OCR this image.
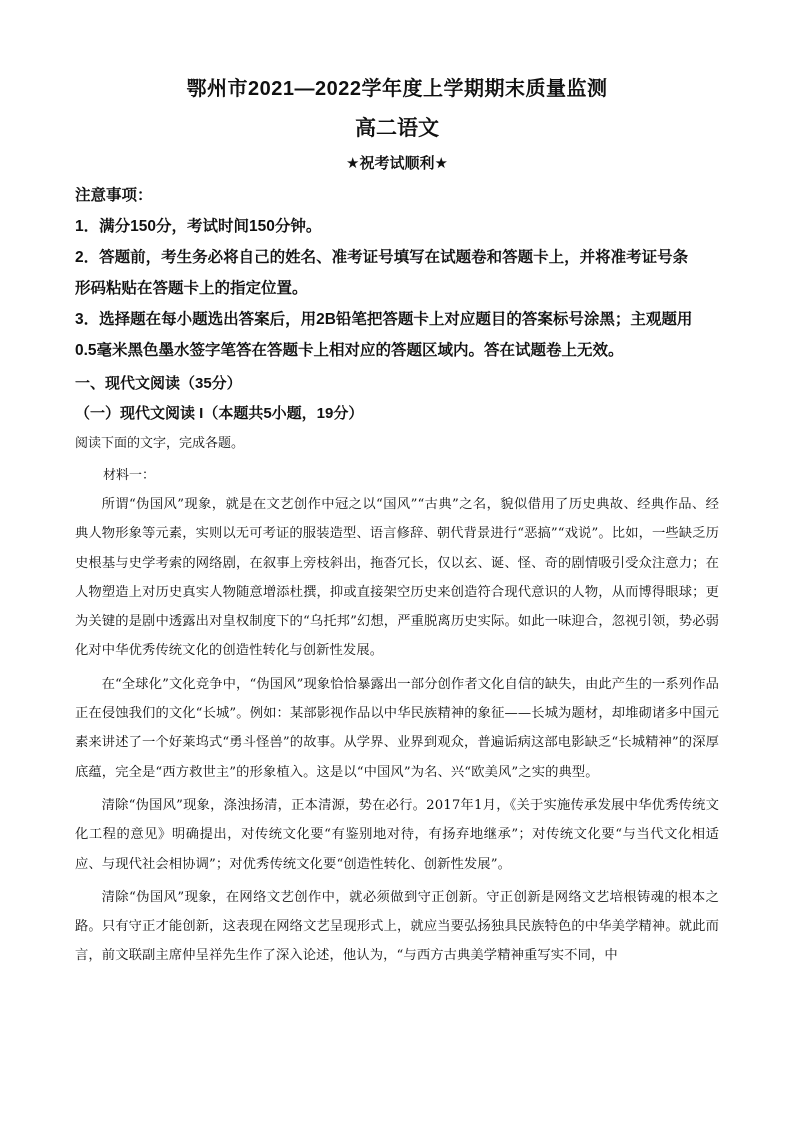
鄂州市2021—2022学年度上学期期末质量监测
高二语文
★祝考试顺利★
注意事项：
1．满分150分，考试时间150分钟。
2．答题前，考生务必将自己的姓名、准考证号填写在试题卷和答题卡上，并将准考证号条
形码粘贴在答题卡上的指定位置。
3．选择题在每小题选出答案后，用2B铅笔把答题卡上对应题目的答案标号涂黑；主观题用
0.5毫米黑色墨水签字笔答在答题卡上相对应的答题区域内。答在试题卷上无效。
一、现代文阅读（35分）
（一）现代文阅读 I（本题共5小题，19分）
阅读下面的文字，完成各题。
材料一：

所谓“伪国风”现象，就是在文艺创作中冠之以“国风”“古典”之名，貌似借用了历史典故、经典作品、经典人物形象等元素，实则以无可考证的服装造型、语言修辞、朝代背景进行“恶搞”“戏说”。比如，一些缺乏历史根基与史学考索的网络剧，在叙事上旁枝斜出，拖沓冗长，仅以玄、诞、怪、奇的剧情吸引受众注意力；在人物塑造上对历史真实人物随意增添杜撰，抑或直接架空历史来创造符合现代意识的人物，从而博得眼球；更为关键的是剧中透露出对皇权制度下的“乌托邦”幻想，严重脱离历史实际。如此一味迎合，忽视引领，势必弱化对中华优秀传统文化的创造性转化与创新性发展。

在“全球化”文化竞争中，“伪国风”现象恰恰暴露出一部分创作者文化自信的缺失，由此产生的一系列作品正在侵蚀我们的文化“长城”。例如：某部影视作品以中华民族精神的象征——长城为题材，却堆砌诸多中国元素来讲述了一个好莱坞式“勇斗怪兽”的故事。从学界、业界到观众，普遍诟病这部电影缺乏“长城精神”的深厚底蕴，完全是“西方救世主”的形象植入。这是以“中国风”为名、兴“欧美风”之实的典型。

清除“伪国风”现象，涤浊扬清，正本清源，势在必行。2017年1月，《关于实施传承发展中华优秀传统文化工程的意见》明确提出，对传统文化要“有鉴别地对待，有扬弃地继承”；对传统文化要“与当代文化相适应、与现代社会相协调”；对优秀传统文化要“创造性转化、创新性发展”。

清除“伪国风”现象，在网络文艺创作中，就必须做到守正创新。守正创新是网络文艺培根铸魂的根本之路。只有守正才能创新，这表现在网络文艺呈现形式上，就应当要弘扬独具民族特色的中华美学精神。就此而言，前文联副主席仲呈祥先生作了深入论述，他认为，“与西方古典美学精神重写实不同，中
